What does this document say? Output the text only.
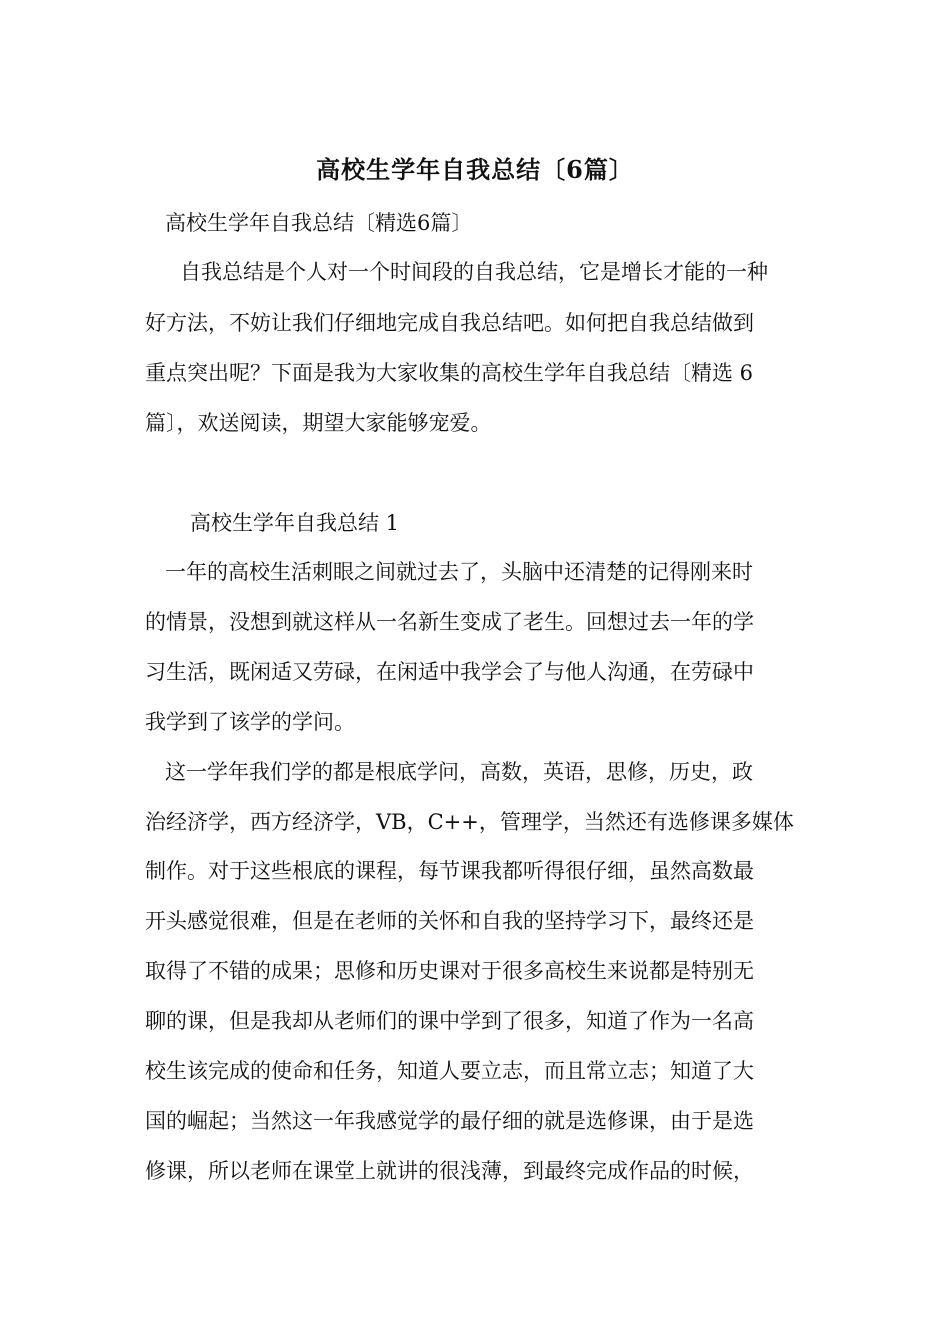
高校生学年自我总结〔6篇〕

高校生学年自我总结〔精选6篇〕

自我总结是个人对一个时间段的自我总结，它是增长才能的一种

好方法，不妨让我们仔细地完成自我总结吧。如何把自我总结做到

重点突出呢？下面是我为大家收集的高校生学年自我总结〔精选 6

篇〕，欢送阅读，期望大家能够宠爱。

高校生学年自我总结 1

一年的高校生活刺眼之间就过去了，头脑中还清楚的记得刚来时

的情景，没想到就这样从一名新生变成了老生。回想过去一年的学

习生活，既闲适又劳碌，在闲适中我学会了与他人沟通，在劳碌中

我学到了该学的学问。

这一学年我们学的都是根底学问，高数，英语，思修，历史，政

治经济学，西方经济学，VB，C++，管理学，当然还有选修课多媒体

制作。对于这些根底的课程，每节课我都听得很仔细，虽然高数最

开头感觉很难，但是在老师的关怀和自我的坚持学习下，最终还是

取得了不错的成果；思修和历史课对于很多高校生来说都是特别无

聊的课，但是我却从老师们的课中学到了很多，知道了作为一名高

校生该完成的使命和任务，知道人要立志，而且常立志；知道了大

国的崛起；当然这一年我感觉学的最仔细的就是选修课，由于是选

修课，所以老师在课堂上就讲的很浅薄，到最终完成作品的时候，
